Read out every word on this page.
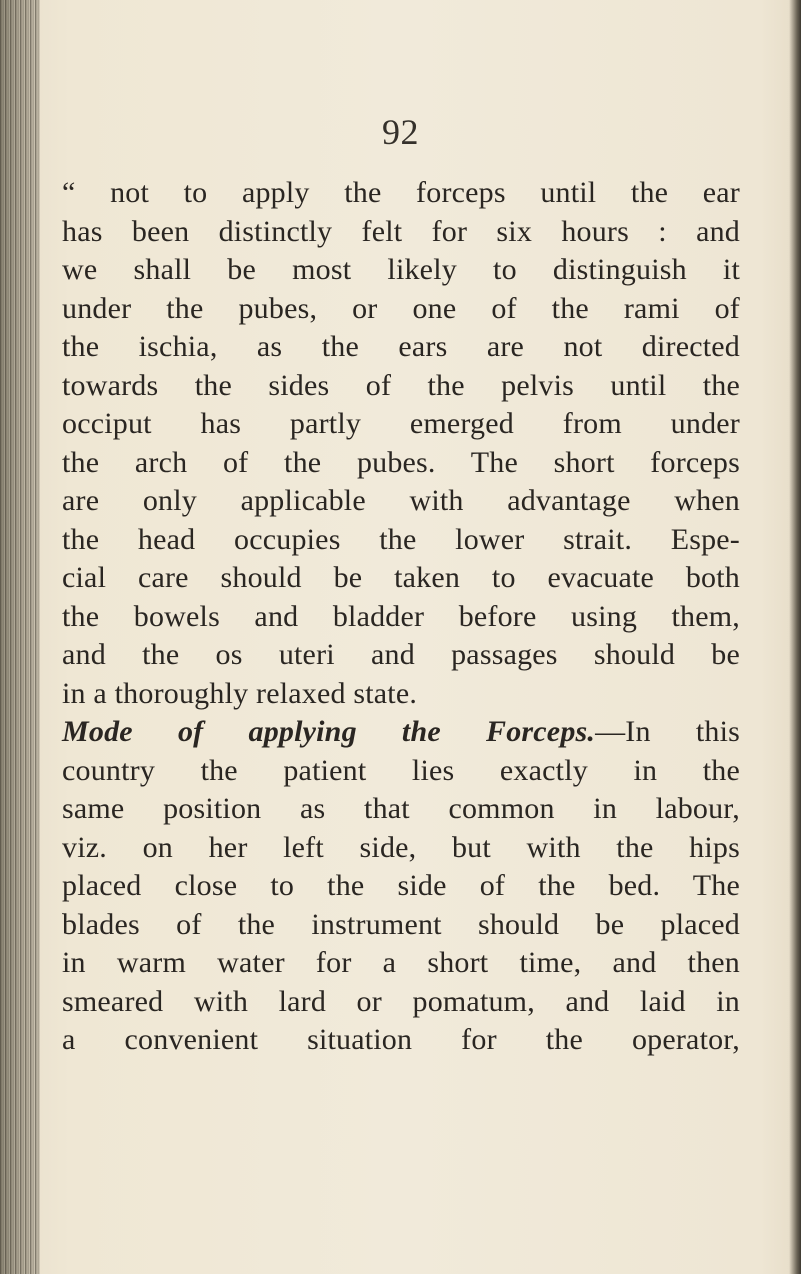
92
“ not to apply the forceps until the ear
has been distinctly felt for six hours : and
we shall be most likely to distinguish it
under the pubes, or one of the rami of
the ischia, as the ears are not directed
towards the sides of the pelvis until the
occiput has partly emerged from under
the arch of the pubes. The short forceps
are only applicable with advantage when
the head occupies the lower strait. Espe-
cial care should be taken to evacuate both
the bowels and bladder before using them,
and the os uteri and passages should be
in a thoroughly relaxed state.
Mode of applying the Forceps.—In this
country the patient lies exactly in the
same position as that common in labour,
viz. on her left side, but with the hips
placed close to the side of the bed. The
blades of the instrument should be placed
in warm water for a short time, and then
smeared with lard or pomatum, and laid in
a convenient situation for the operator,
